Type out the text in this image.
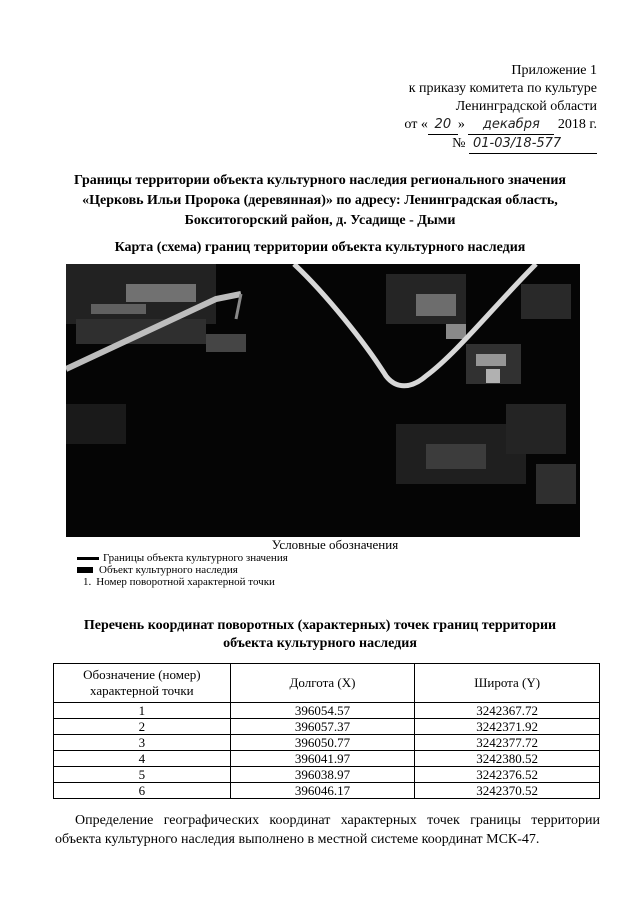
Приложение 1
к приказу комитета по культуре
Ленинградской области
от « 20 » декабря 2018 г.
№ 01-03/18-577
Границы территории объекта культурного наследия регионального значения
«Церковь Ильи Пророка (деревянная)» по адресу: Ленинградская область,
Бокситогорский район, д. Усадище - Дыми
Карта (схема) границ территории объекта культурного наследия
Условные обозначения
Границы объекта культурного значения
Объект культурного наследия
1. Номер поворотной характерной точки
Перечень координат поворотных (характерных) точек границ территории
объекта культурного наследия
Обозначение (номер) характерной точки	Долгота (X)	Широта (Y)
1	396054.57	3242367.72
2	396057.37	3242371.92
3	396050.77	3242377.72
4	396041.97	3242380.52
5	396038.97	3242376.52
6	396046.17	3242370.52
Определение географических координат характерных точек границы территории объекта культурного наследия выполнено в местной системе координат МСК-47.
